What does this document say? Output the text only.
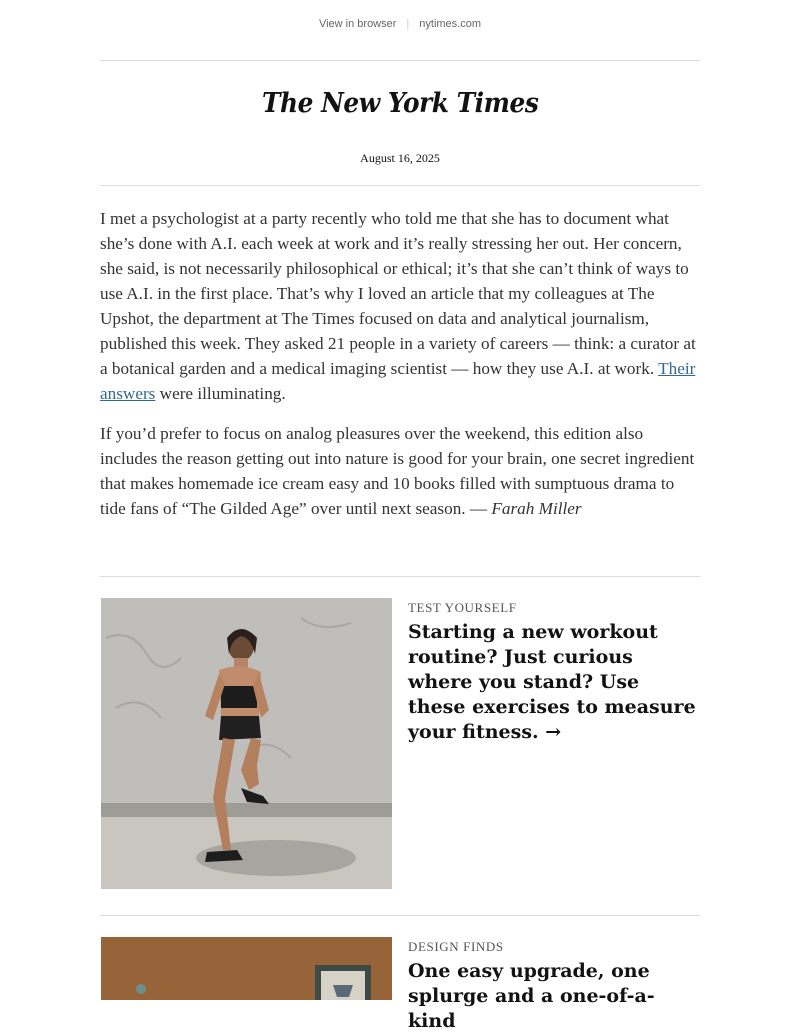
View in browser | nytimes.com
The New York Times
August 16, 2025

I met a psychologist at a party recently who told me that she has to document what she’s done with A.I. each week at work and it’s really stressing her out. Her concern, she said, is not necessarily philosophical or ethical; it’s that she can’t think of ways to use A.I. in the first place. That’s why I loved an article that my colleagues at The Upshot, the department at The Times focused on data and analytical journalism, published this week. They asked 21 people in a variety of careers — think: a curator at a botanical garden and a medical imaging scientist — how they use A.I. at work. Their answers were illuminating.

If you’d prefer to focus on analog pleasures over the weekend, this edition also includes the reason getting out into nature is good for your brain, one secret ingredient that makes homemade ice cream easy and 10 books filled with sumptuous drama to tide fans of “The Gilded Age” over until next season. — Farah Miller

TEST YOURSELF
Starting a new workout routine? Just curious where you stand? Use these exercises to measure your fitness. →
DESIGN FINDS
One easy upgrade, one splurge and a one-of-a-kind
